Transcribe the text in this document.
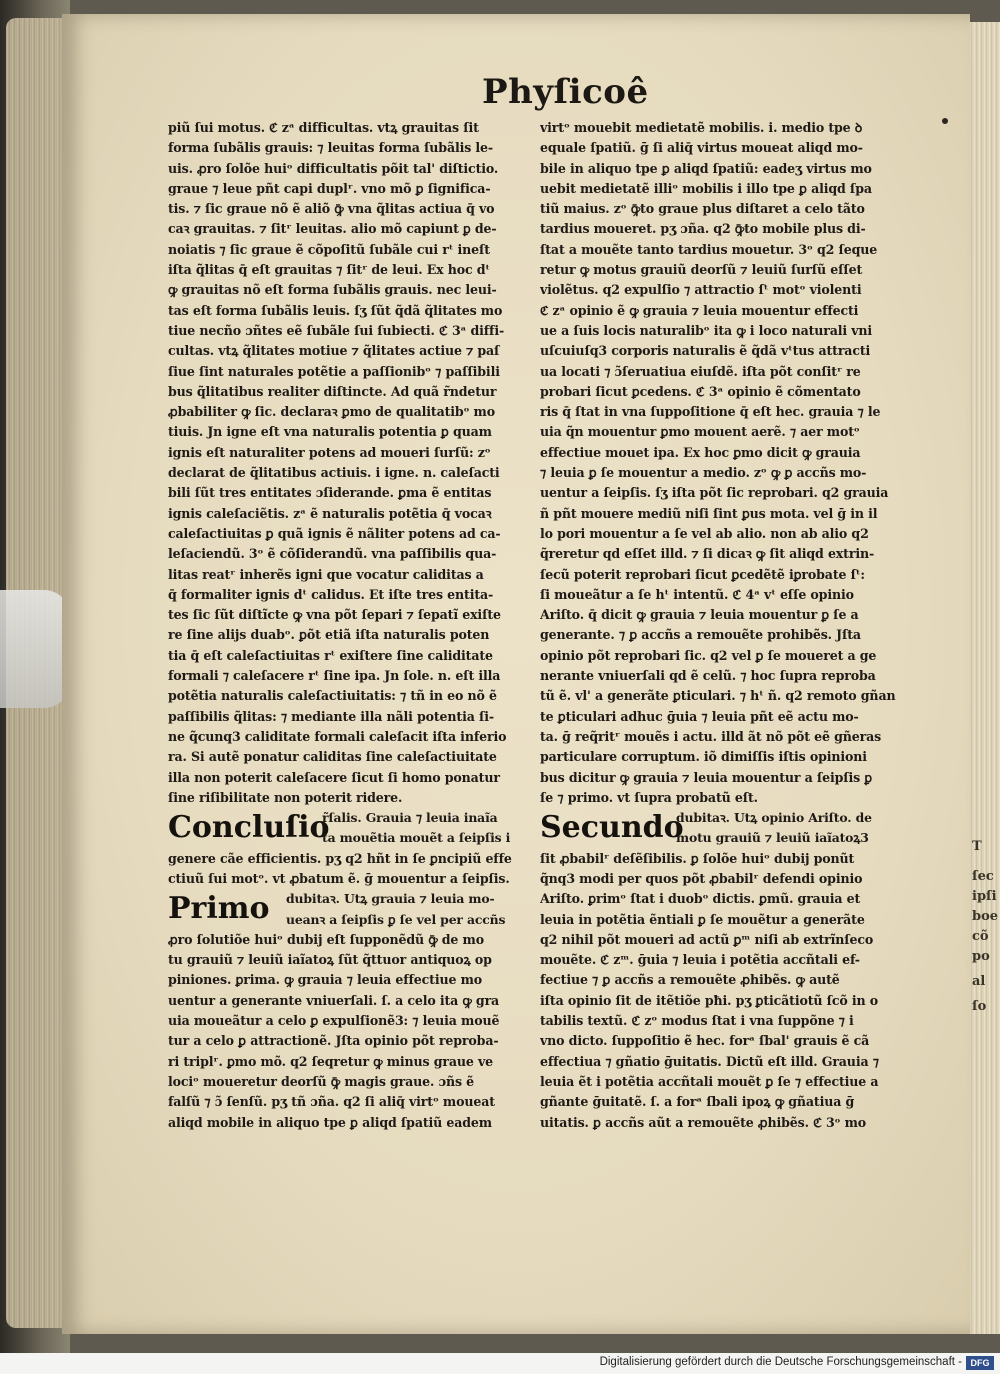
T
ſec
ipſi
boe
cõ
po
al
ſo
Phyſicoê
piũ ſui motus. ℭ zᵃ difficultas. vtꝝ grauitas ſit
forma ſubãlis grauis: ⁊ leuitas forma ſubãlis le-
uis. ꝓro ſolõe huiᵒ difficultatis põit tal' diſtictio.
graue ⁊ leue pñt capi duplʳ. vno mõ ꝑ ſignifica-
tis. ⁊ ſic graue nõ ẽ aliõ ꝙ̄ vna q̃litas actiua q̄ vo
caꝛ grauitas. ⁊ ſitʳ leuitas. alio mõ capiunt ꝑ de-
noiatis ⁊ ſic graue ẽ cõpoſitũ ſubãle cui rᵗ ineſt
iſta q̃litas q̄ eſt grauitas ⁊ ſitʳ de leui. Ex hoc dᵗ
ꝙ grauitas nõ eſt forma ſubãlis grauis. nec leui-
tas eſt forma ſubãlis leuis. ſʒ ſũt q̃dã q̃litates mo
tiue necño ɔñtes eẽ ſubãle ſui ſubiecti. ℭ 3ᵃ diffi-
cultas. vtꝝ q̃litates motiue ⁊ q̃litates actiue ⁊ paſ
ſiue ſint naturales potẽtie a paſſionibᵒ ⁊ paſſibili
bus q̃litatibus realiter diſtincte. Ad quã r̃ndetur
ꝓbabiliter ꝙ ſic. declaraꝛ ꝑmo de qualitatibᵒ mo
tiuis. Jn igne eſt vna naturalis potentia ꝑ quam
ignis eſt naturaliter potens ad moueri ſurſũ: zᵒ
declarat de q̃litatibus actiuis. i igne. n. caleſacti
bili ſũt tres entitates ɔſiderande. ꝑma ẽ entitas
ignis caleſaciẽtis. zᵃ ẽ naturalis potẽtia q̄ vocaꝛ
caleſactiuitas ꝑ quã ignis ẽ nãliter potens ad ca-
leſaciendũ. 3ᵒ ẽ cõſiderandũ. vna paſſibilis qua-
litas reatʳ inherẽs igni que vocatur caliditas a
q̄ formaliter ignis dᵗ calidus. Et iſte tres entita-
tes ſic ſũt diſtĩcte ꝙ vna põt ſepari ⁊ ſepatĩ exiſte
re ſine alijs duabᵒ. ꝑõt etiã iſta naturalis poten
tia q̄ eſt caleſactiuitas rᵗ exiſtere ſine caliditate
formali ⁊ caleſacere rᵗ ſine ipa. Jn ſole. n. eſt illa
potẽtia naturalis caleſactiuitatis: ⁊ tñ in eo nõ ẽ
paſſibilis q̃litas: ⁊ mediante illa nãli potentia ſi-
ne q̃cunq3 caliditate formali caleſacit iſta inferio
ra. Si autẽ ponatur caliditas ſine caleſactiuitate
illa non poterit caleſacere ſicut ſi homo ponatur
ſine riſibilitate non poterit ridere.
Concluſio
r̃ſalis. Grauia ⁊ leuia inaĩa
ta mouẽtia mouẽt a ſeipſis i
genere cãe efficientis. pʒ q2 hñt in ſe ꝑncipiũ effe
ctiuũ ſui motᵒ. vt ꝓbatum ẽ. ḡ mouentur a ſeipſis.
Primo dubitaꝛ. Utꝝ grauia ⁊ leuia mo-
ueanꝛ a ſeipſis ꝑ ſe vel per accñs
ꝓro ſolutiõe huiᵒ dubij eſt ſupponẽdũ ꝙ̄ de mo
tu grauiũ ⁊ leuiũ iaĩatoꝝ ſũt q̃ttuor antiquoꝝ op
piniones. ꝑrima. ꝙ grauia ⁊ leuia effectiue mo
uentur a generante vniuerſali. ſ. a celo ita ꝙ gra
uia moueãtur a celo ꝑ expulſionẽ3: ⁊ leuia mouẽ
tur a celo ꝑ attractionẽ. Jſta opinio põt reproba-
ri triplʳ. ꝑmo mõ. q2 ſeqretur ꝙ minus graue ve
lociᵒ moueretur deorſũ ꝙ̄ magis graue. ɔñs ẽ
falſũ ⁊ ɔ̃ ſenſũ. pʒ tñ ɔña. q2 ſi aliq̄ virtᵒ moueat
aliqd mobile in aliquo tpe ꝑ aliqd ſpatiũ eadem
virtᵒ mouebit medietatẽ mobilis. i. medio tpe ꝺ
equale ſpatiũ. ḡ ſi aliq̄ virtus moueat aliqd mo-
bile in aliquo tpe ꝑ aliqd ſpatiũ: eadeʒ virtus mo
uebit medietatẽ illiᵒ mobilis i illo tpe ꝑ aliqd ſpa
tiũ maius. zᵒ ꝙ̄to graue plus diſtaret a celo tãto
tardius moueret. pʒ ɔña. q2 ꝙ̄to mobile plus di-
ſtat a mouẽte tanto tardius mouetur. 3ᵒ q2 ſeque
retur ꝙ motus grauiũ deorſũ ⁊ leuiũ ſurſũ eſſet
violẽtus. q2 expulſio ⁊ attractio ſᵗ motᵒ violenti
ℭ zᵃ opinio ẽ ꝙ grauia ⁊ leuia mouentur effecti
ue a ſuis locis naturalibᵒ ita ꝙ i loco naturali vni
uſcuiuſq3 corporis naturalis ẽ q̃dã vᵗtus attracti
ua locati ⁊ ɔ̃ſeruatiua eiuſdẽ. iſta põt conſitʳ re
probari ſicut ꝑcedens. ℭ 3ᵃ opinio ẽ cõmentato
ris q̄ ſtat in vna ſuppoſitione q̄ eſt hec. grauia ⁊ le
uia q̃n mouentur ꝑmo mouent aerẽ. ⁊ aer motᵒ
effectiue mouet ipa. Ex hoc ꝑmo dicit ꝙ grauia
⁊ leuia ꝑ ſe mouentur a medio. zᵒ ꝙ ꝑ accñs mo-
uentur a ſeipſis. ſʒ iſta põt ſic reprobari. q2 grauia
ñ pñt mouere mediũ niſi ſint ꝑus mota. vel ḡ in il
lo pori mouentur a ſe vel ab alio. non ab alio q2
q̃reretur qd eſſet illd. ⁊ ſi dicaꝛ ꝙ ſit aliqd extrin-
ſecũ poterit reprobari ſicut ꝑcedẽtẽ iꝑrobate ſᵗ:
ſi moueãtur a ſe hᵗ intentũ. ℭ 4ᵃ vᵗ eſſe opinio
Ariſto. q̄ dicit ꝙ grauia ⁊ leuia mouentur ꝑ ſe a
generante. ⁊ ꝑ accñs a remouẽte prohibẽs. Jſta
opinio põt reprobari ſic. q2 vel ꝑ ſe moueret a ge
nerante vniuerſali qd ẽ celũ. ⁊ hoc ſupra reproba
tũ ẽ. vl' a generãte ꝑticulari. ⁊ hᵗ ñ. q2 remoto gñan
te ꝑticulari adhuc ḡuia ⁊ leuia pñt eẽ actu mo-
ta. ḡ req̃ritʳ mouẽs i actu. illd ãt nõ põt eẽ gñeras
particulare corruptum. iõ dimiſſis iſtis opinioni
bus dicitur ꝙ grauia ⁊ leuia mouentur a ſeipſis ꝑ
ſe ⁊ primo. vt ſupra probatũ eſt.
Secundo
dubitaꝛ. Utꝝ opinio Ariſto. de
motu grauiũ ⁊ leuiũ iaĩatoꝝ3
ſit ꝓbabilʳ deſẽſibilis. ꝑ ſolõe huiᵒ dubij ponũt
q̃nq3 modi per quos põt ꝓbabilʳ defendi opinio
Ariſto. ꝑrimᵒ ſtat i duobᵒ dictis. ꝑmũ. grauia et
leuia in potẽtia ẽntiali ꝑ ſe mouẽtur a generãte
q2 nihil põt moueri ad actũ ꝑᵐ niſi ab extrĩnſeco
mouẽte. ℭ zᵐ. ḡuia ⁊ leuia i potẽtia accñtali ef-
fectiue ⁊ ꝑ accñs a remouẽte ꝓhibẽs. ꝙ autẽ
iſta opinio ſit de itẽtiõe pħi. pʒ ꝑticãtiotũ ſcõ in o
tabilis textũ. ℭ zᵒ modus ſtat i vna ſuppõne ⁊ i
vno dicto. ſuppoſitio ẽ hec. forᵃ ſbal' grauis ẽ cã
effectiua ⁊ gñatio ḡuitatis. Dictũ eſt illd. Grauia ⁊
leuia ẽt i potẽtia accñtali mouẽt ꝑ ſe ⁊ effectiue a
gñante ḡuitatẽ. ſ. a forᵃ ſbali ipoꝝ ꝙ gñatiua ḡ
uitatis. ꝑ accñs aũt a remouẽte ꝓhibẽs. ℭ 3ᵒ mo
Digitalisierung gefördert durch die Deutsche Forschungsgemeinschaft - DFG
